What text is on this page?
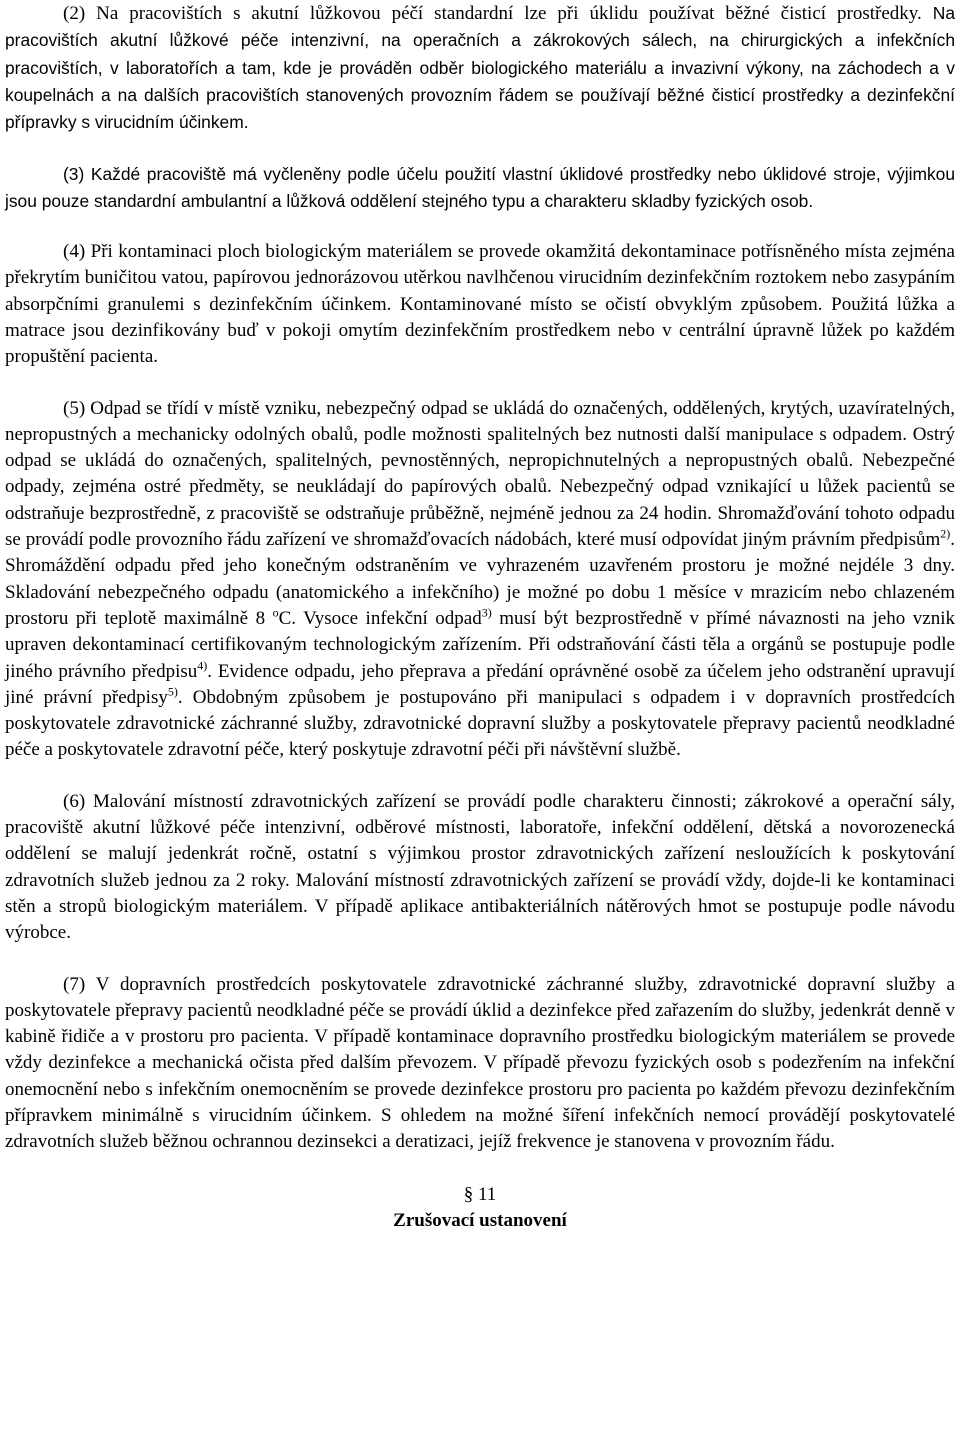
(2) Na pracovištích s akutní lůžkovou péčí standardní lze při úklidu používat běžné čisticí prostředky. Na pracovištích akutní lůžkové péče intenzivní, na operačních a zákrokových sálech, na chirurgických a infekčních pracovištích, v laboratořích a tam, kde je prováděn odběr biologického materiálu a invazivní výkony, na záchodech a v koupelnách a na dalších pracovištích stanovených provozním řádem se používají běžné čisticí prostředky a dezinfekční přípravky s virucidním účinkem.

(3) Každé pracoviště má vyčleněny podle účelu použití vlastní úklidové prostředky nebo úklidové stroje, výjimkou jsou pouze standardní ambulantní a lůžková oddělení stejného typu a charakteru skladby fyzických osob.

(4) Při kontaminaci ploch biologickým materiálem se provede okamžitá dekontaminace potřísněného místa zejména překrytím buničitou vatou, papírovou jednorázovou utěrkou navlhčenou virucidním dezinfekčním roztokem nebo zasypáním absorpčními granulemi s dezinfekčním účinkem. Kontaminované místo se očistí obvyklým způsobem. Použitá lůžka a matrace jsou dezinfikovány buď v pokoji omytím dezinfekčním prostředkem nebo v centrální úpravně lůžek po každém propuštění pacienta.

(5) Odpad se třídí v místě vzniku, nebezpečný odpad se ukládá do označených, oddělených, krytých, uzavíratelných, nepropustných a mechanicky odolných obalů, podle možnosti spalitelných bez nutnosti další manipulace s odpadem. Ostrý odpad se ukládá do označených, spalitelných, pevnostěnných, nepropichnutelných a nepropustných obalů. Nebezpečné odpady, zejména ostré předměty, se neukládají do papírových obalů. Nebezpečný odpad vznikající u lůžek pacientů se odstraňuje bezprostředně, z pracoviště se odstraňuje průběžně, nejméně jednou za 24 hodin. Shromažďování tohoto odpadu se provádí podle provozního řádu zařízení ve shromažďovacích nádobách, které musí odpovídat jiným právním předpisům$^{2)}$. Shromáždění odpadu před jeho konečným odstraněním ve vyhrazeném uzavřeném prostoru je možné nejdéle 3 dny. Skladování nebezpečného odpadu (anatomického a infekčního) je možné po dobu 1 měsíce v mrazicím nebo chlazeném prostoru při teplotě maximálně 8 $^o$C. Vysoce infekční odpad$^{3)}$ musí být bezprostředně v přímé návaznosti na jeho vznik upraven dekontaminací certifikovaným technologickým zařízením. Při odstraňování části těla a orgánů se postupuje podle jiného právního předpisu$^{4)}$. Evidence odpadu, jeho přeprava a předání oprávněné osobě za účelem jeho odstranění upravují jiné právní předpisy$^{5)}$. Obdobným způsobem je postupováno při manipulaci s odpadem i v dopravních prostředcích poskytovatele zdravotnické záchranné služby, zdravotnické dopravní služby a poskytovatele přepravy pacientů neodkladné péče a poskytovatele zdravotní péče, který poskytuje zdravotní péči při návštěvní službě.

(6) Malování místností zdravotnických zařízení se provádí podle charakteru činnosti; zákrokové a operační sály, pracoviště akutní lůžkové péče intenzivní, odběrové místnosti, laboratoře, infekční oddělení, dětská a novorozenecká oddělení se malují jedenkrát ročně, ostatní s výjimkou prostor zdravotnických zařízení nesloužících k poskytování zdravotních služeb jednou za 2 roky. Malování místností zdravotnických zařízení se provádí vždy, dojde-li ke kontaminaci stěn a stropů biologickým materiálem. V případě aplikace antibakteriálních nátěrových hmot se postupuje podle návodu výrobce.

(7) V dopravních prostředcích poskytovatele zdravotnické záchranné služby, zdravotnické dopravní služby a poskytovatele přepravy pacientů neodkladné péče se provádí úklid a dezinfekce před zařazením do služby, jedenkrát denně v kabině řidiče a v prostoru pro pacienta. V případě kontaminace dopravního prostředku biologickým materiálem se provede vždy dezinfekce a mechanická očista před dalším převozem. V případě převozu fyzických osob s podezřením na infekční onemocnění nebo s infekčním onemocněním se provede dezinfekce prostoru pro pacienta po každém převozu dezinfekčním přípravkem minimálně s virucidním účinkem. S ohledem na možné šíření infekčních nemocí provádějí poskytovatelé zdravotních služeb běžnou ochrannou dezinsekci a deratizaci, jejíž frekvence je stanovena v provozním řádu.

§ 11

Zrušovací ustanovení
